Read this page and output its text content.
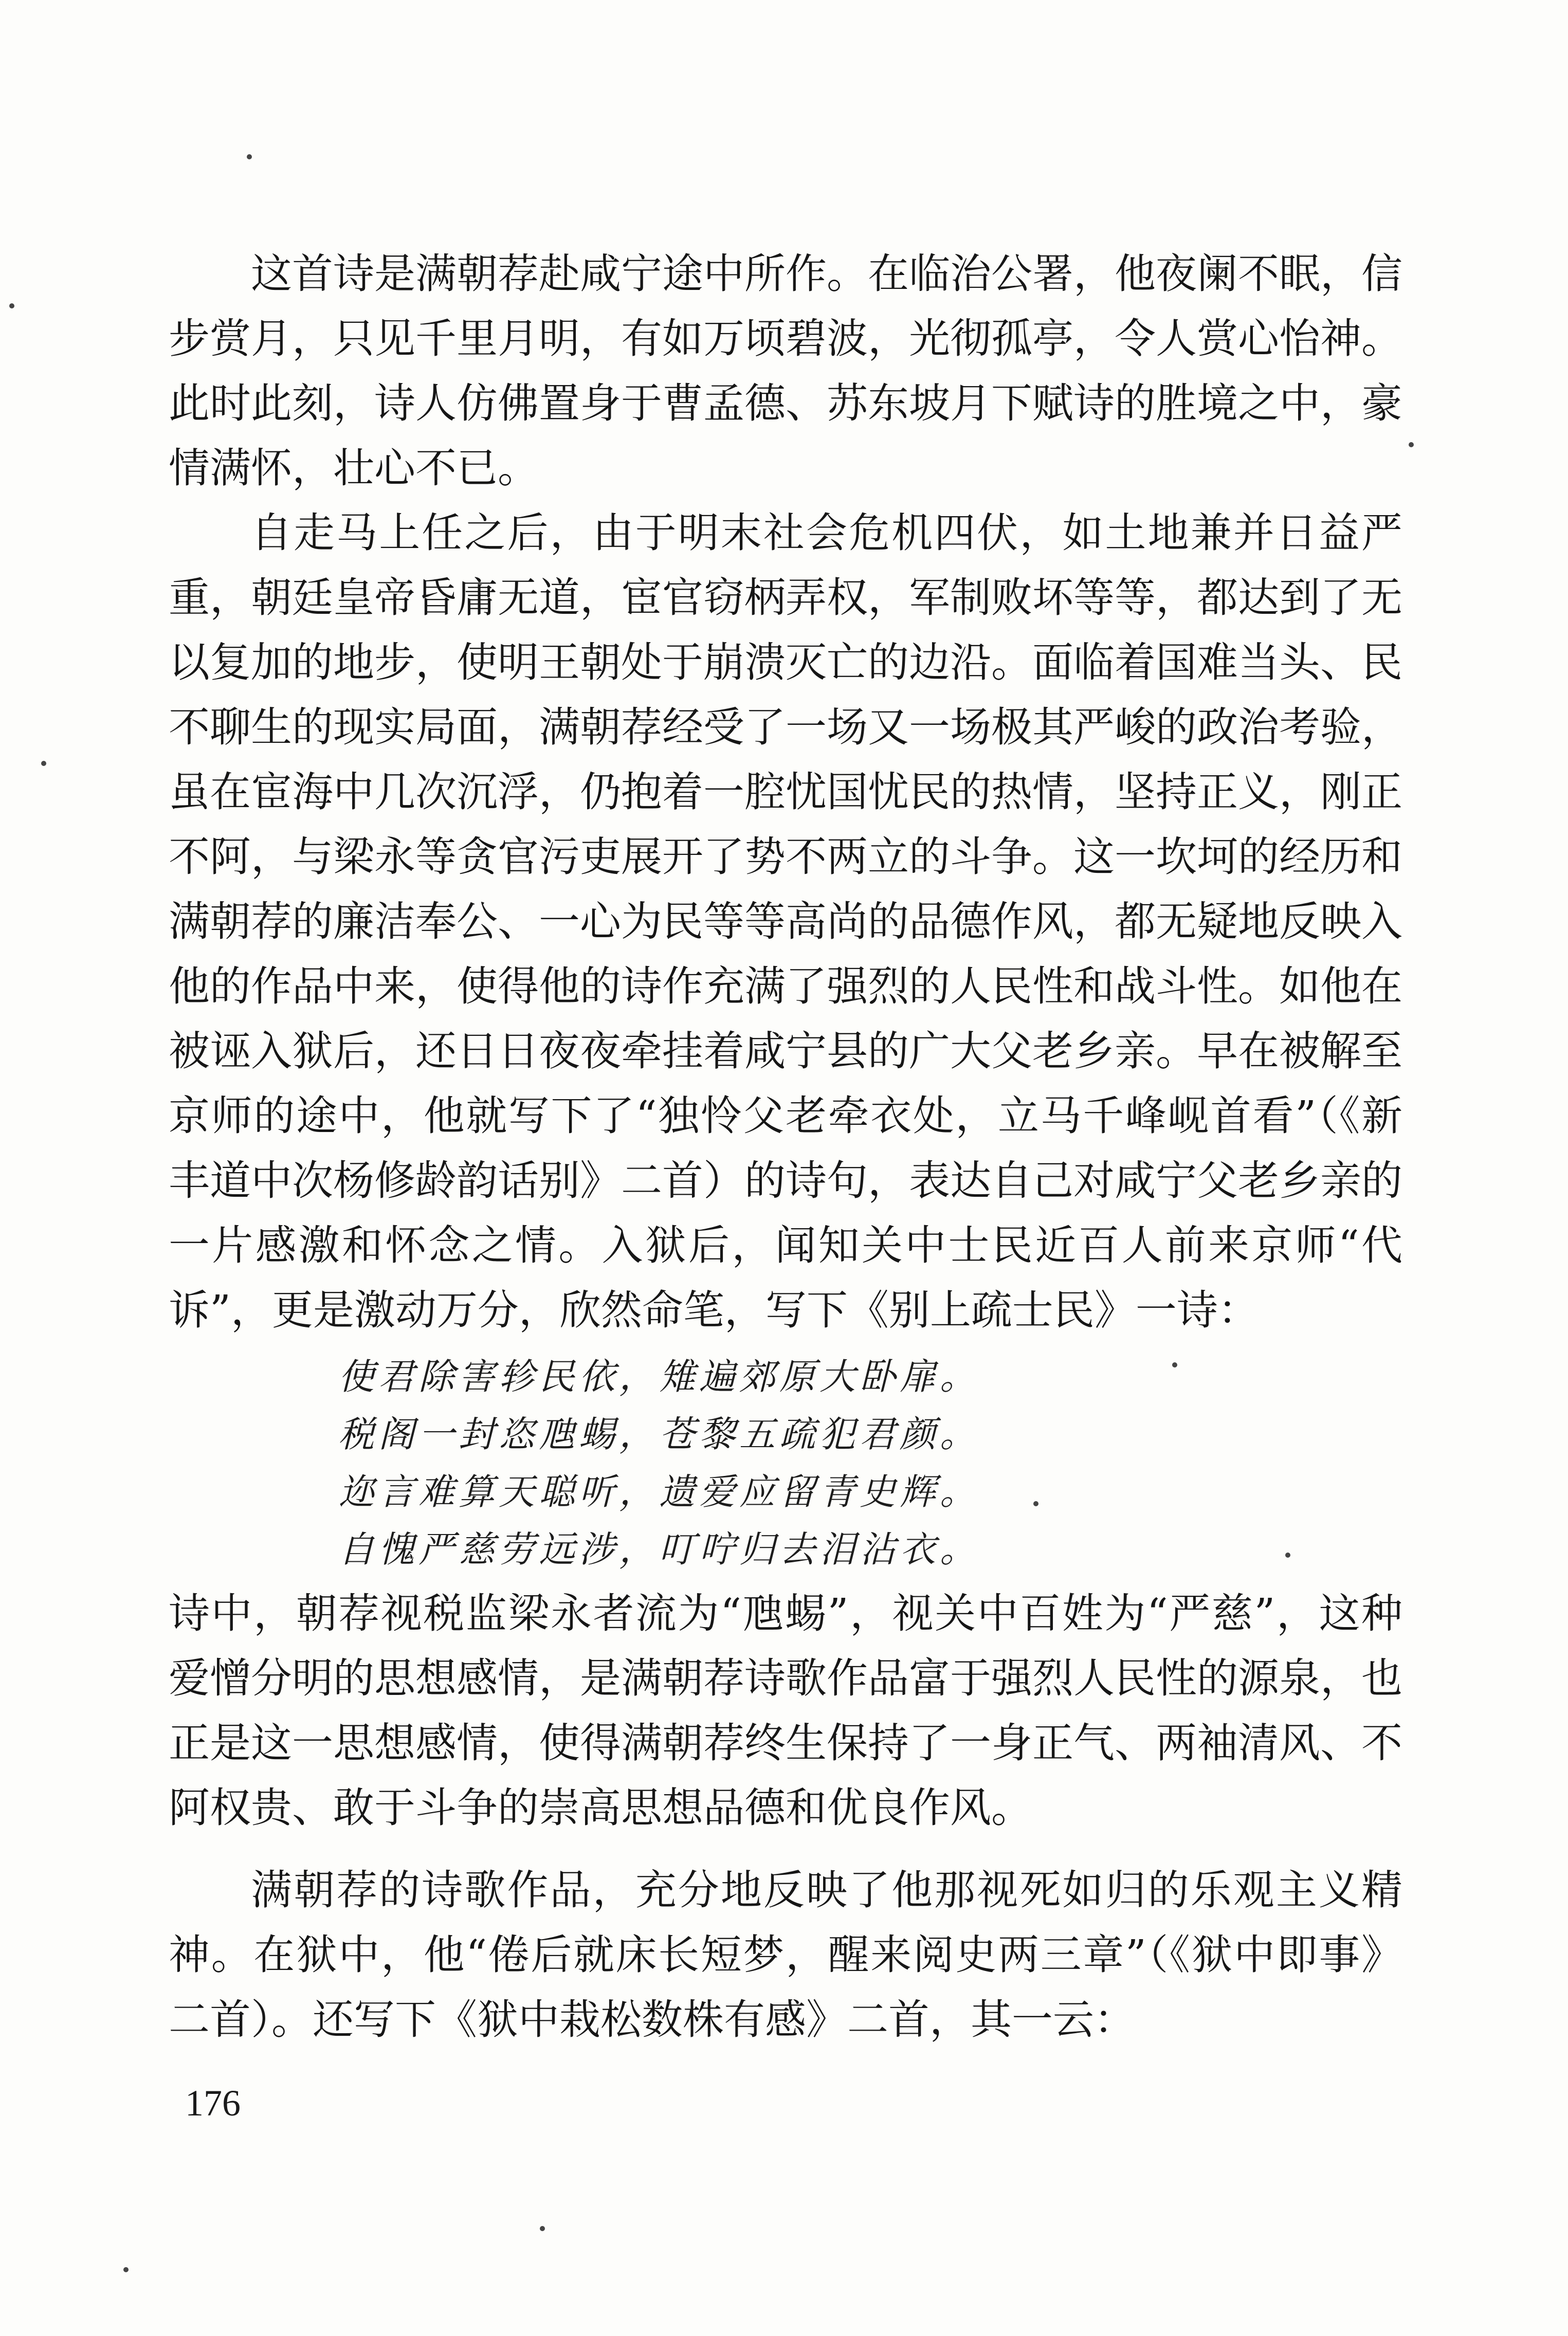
这首诗是满朝荐赴咸宁途中所作。在临治公署，他夜阑不眠，信步赏月，只见千里月明，有如万顷碧波，光彻孤亭，令人赏心怡神。此时此刻，诗人仿佛置身于曹孟德、苏东坡月下赋诗的胜境之中，豪情满怀，壮心不已。

自走马上任之后，由于明末社会危机四伏，如土地兼并日益严重，朝廷皇帝昏庸无道，宦官窃柄弄权，军制败坏等等，都达到了无以复加的地步，使明王朝处于崩溃灭亡的边沿。面临着国难当头、民不聊生的现实局面，满朝荐经受了一场又一场极其严峻的政治考验，虽在宦海中几次沉浮，仍抱着一腔忧国忧民的热情，坚持正义，刚正不阿，与梁永等贪官污吏展开了势不两立的斗争。这一坎坷的经历和满朝荐的廉洁奉公、一心为民等等高尚的品德作风，都无疑地反映入他的作品中来，使得他的诗作充满了强烈的人民性和战斗性。如他在被诬入狱后，还日日夜夜牵挂着咸宁县的广大父老乡亲。早在被解至京师的途中，他就写下了“独怜父老牵衣处，立马千峰岘首看”（《新丰道中次杨修龄韵话别》二首）的诗句，表达自己对咸宁父老乡亲的一片感激和怀念之情。入狱后，闻知关中士民近百人前来京师“代诉”，更是激动万分，欣然命笔，写下《别上疏士民》一诗：

使君除害轸民依，雉遍郊原大卧扉。
税阁一封恣虺蜴，苍黎五疏犯君颜。
迩言难算天聪听，遗爱应留青史辉。
自愧严慈劳远涉，叮咛归去泪沾衣。

诗中，朝荐视税监梁永者流为“虺蜴”，视关中百姓为“严慈”，这种爱憎分明的思想感情，是满朝荐诗歌作品富于强烈人民性的源泉，也正是这一思想感情，使得满朝荐终生保持了一身正气、两袖清风、不阿权贵、敢于斗争的崇高思想品德和优良作风。

满朝荐的诗歌作品，充分地反映了他那视死如归的乐观主义精神。在狱中，他“倦后就床长短梦，醒来阅史两三章”（《狱中即事》二首）。还写下《狱中栽松数株有感》二首，其一云：

176
